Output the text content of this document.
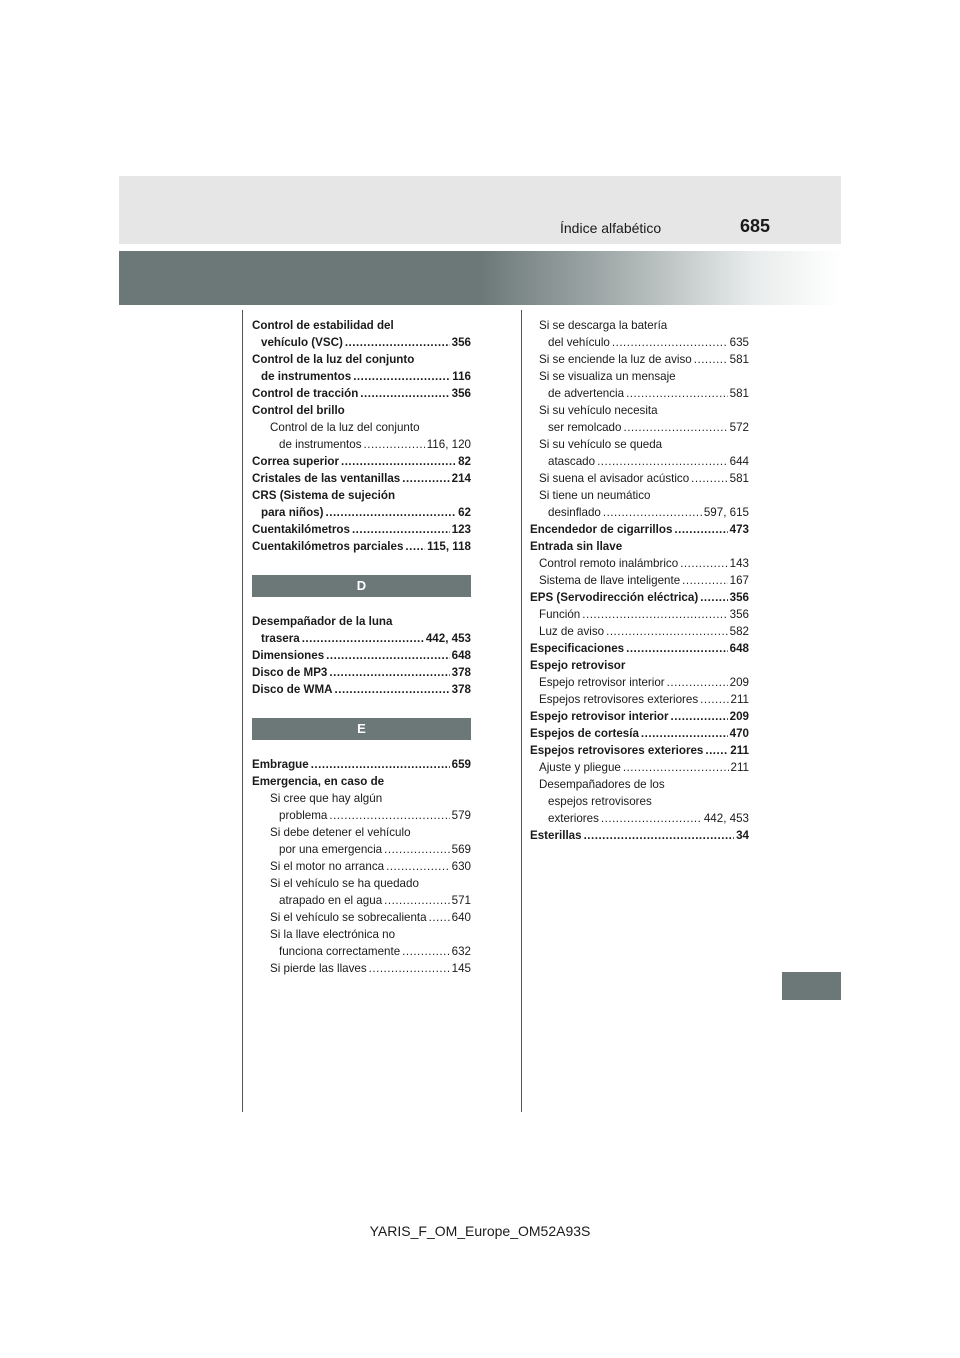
Índice alfabético	685
Control de estabilidad del
vehículo (VSC) .....	356
Control de la luz del conjunto
de instrumentos .....	116
Control de tracción .....	356
Control del brillo
Control de la luz del conjunto
de instrumentos .....	116, 120
Correa superior .....	82
Cristales de las ventanillas .....	214
CRS (Sistema de sujeción
para niños) .....	62
Cuentakilómetros .....	123
Cuentakilómetros parciales ..... 115, 118
D
Desempañador de la luna
trasera .....	442, 453
Dimensiones .....	648
Disco de MP3 .....	378
Disco de WMA .....	378
E
Embrague .....	659
Emergencia, en caso de
Si cree que hay algún
problema .....	579
Si debe detener el vehículo
por una emergencia .....	569
Si el motor no arranca .....	630
Si el vehículo se ha quedado
atrapado en el agua .....	571
Si el vehículo se sobrecalienta ..... 640
Si la llave electrónica no
funciona correctamente .....	632
Si pierde las llaves .....	145
Si se descarga la batería
del vehículo .....	635
Si se enciende la luz de aviso .....	581
Si se visualiza un mensaje
de advertencia .....	581
Si su vehículo necesita
ser remolcado .....	572
Si su vehículo se queda
atascado .....	644
Si suena el avisador acústico .....	581
Si tiene un neumático
desinflado .....	597, 615
Encendedor de cigarrillos .....	473
Entrada sin llave
Control remoto inalámbrico .....	143
Sistema de llave inteligente .....	167
EPS (Servodirección eléctrica) .....	356
Función .....	356
Luz de aviso .....	582
Especificaciones .....	648
Espejo retrovisor
Espejo retrovisor interior .....	209
Espejos retrovisores exteriores .....	211
Espejo retrovisor interior .....	209
Espejos de cortesía .....	470
Espejos retrovisores exteriores ..... 211
Ajuste y pliegue .....	211
Desempañadores de los
espejos retrovisores
exteriores .....	442, 453
Esterillas .....	34
YARIS_F_OM_Europe_OM52A93S
